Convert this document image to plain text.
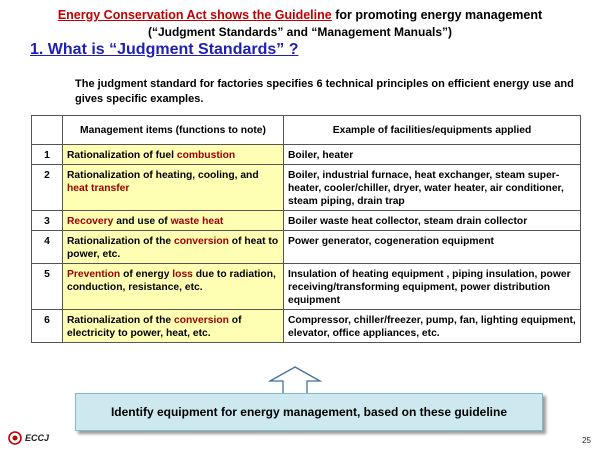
Energy Conservation Act shows the Guideline for promoting energy management
(“Judgment Standards” and “Management Manuals”)
1. What is “Judgment Standards” ?
The judgment standard for factories specifies 6 technical principles on efficient energy use and gives specific examples.
	Management items (functions to note)	Example of facilities/equipments applied
1	Rationalization of fuel combustion	Boiler, heater
2	Rationalization of heating, cooling, and heat transfer	Boiler, industrial furnace, heat exchanger, steam super-heater, cooler/chiller, dryer, water heater, air conditioner, steam piping, drain trap
3	Recovery and use of waste heat	Boiler waste heat collector, steam drain collector
4	Rationalization of the conversion of heat to power, etc.	Power generator, cogeneration equipment
5	Prevention of energy loss due to radiation, conduction, resistance, etc.	Insulation of heating equipment , piping insulation, power receiving/transforming equipment, power distribution equipment
6	Rationalization of the conversion of electricity to power, heat, etc.	Compressor, chiller/freezer, pump, fan, lighting equipment, elevator, office appliances, etc.
Identify equipment for energy management, based on these guideline
ECCJ	25
